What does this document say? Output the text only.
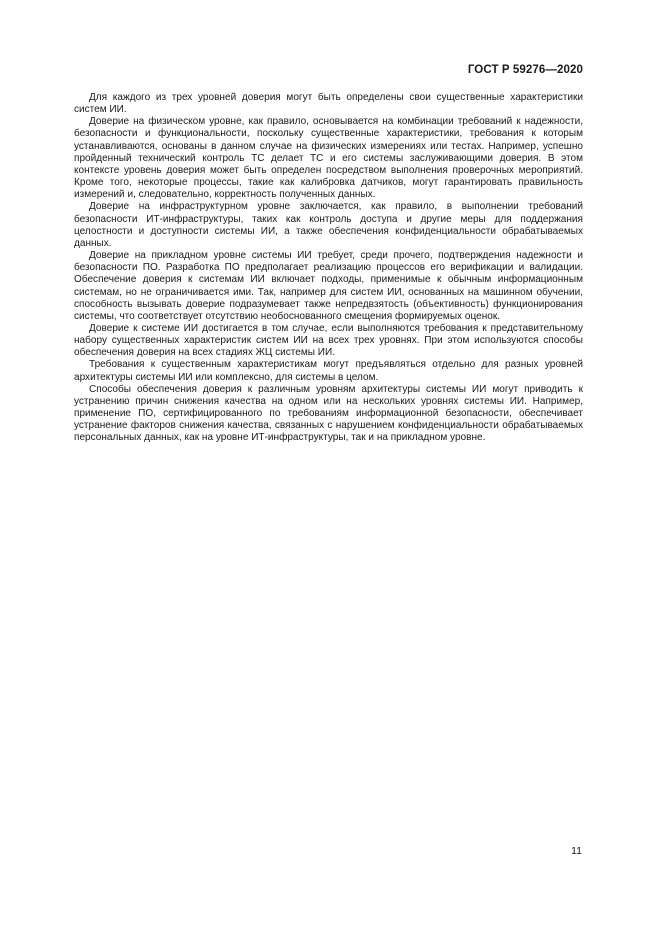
ГОСТ Р 59276—2020

Для каждого из трех уровней доверия могут быть определены свои существенные характеристики систем ИИ.

Доверие на физическом уровне, как правило, основывается на комбинации требований к надежности, безопасности и функциональности, поскольку существенные характеристики, требования к которым устанавливаются, основаны в данном случае на физических измерениях или тестах. Например, успешно пройденный технический контроль ТС делает ТС и его системы заслуживающими доверия. В этом контексте уровень доверия может быть определен посредством выполнения проверочных мероприятий. Кроме того, некоторые процессы, такие как калибровка датчиков, могут гарантировать правильность измерений и, следовательно, корректность полученных данных.

Доверие на инфраструктурном уровне заключается, как правило, в выполнении требований безопасности ИТ-инфраструктуры, таких как контроль доступа и другие меры для поддержания целостности и доступности системы ИИ, а также обеспечения конфиденциальности обрабатываемых данных.

Доверие на прикладном уровне системы ИИ требует, среди прочего, подтверждения надежности и безопасности ПО. Разработка ПО предполагает реализацию процессов его верификации и валидации. Обеспечение доверия к системам ИИ включает подходы, применимые к обычным информационным системам, но не ограничивается ими. Так, например для систем ИИ, основанных на машинном обучении, способность вызывать доверие подразумевает также непредвзятость (объективность) функционирования системы, что соответствует отсутствию необоснованного смещения формируемых оценок.

Доверие к системе ИИ достигается в том случае, если выполняются требования к представительному набору существенных характеристик систем ИИ на всех трех уровнях. При этом используются способы обеспечения доверия на всех стадиях ЖЦ системы ИИ.

Требования к существенным характеристикам могут предъявляться отдельно для разных уровней архитектуры системы ИИ или комплексно, для системы в целом.

Способы обеспечения доверия к различным уровням архитектуры системы ИИ могут приводить к устранению причин снижения качества на одном или на нескольких уровнях системы ИИ. Например, применение ПО, сертифицированного по требованиям информационной безопасности, обеспечивает устранение факторов снижения качества, связанных с нарушением конфиденциальности обрабатываемых персональных данных, как на уровне ИТ-инфраструктуры, так и на прикладном уровне.

11
